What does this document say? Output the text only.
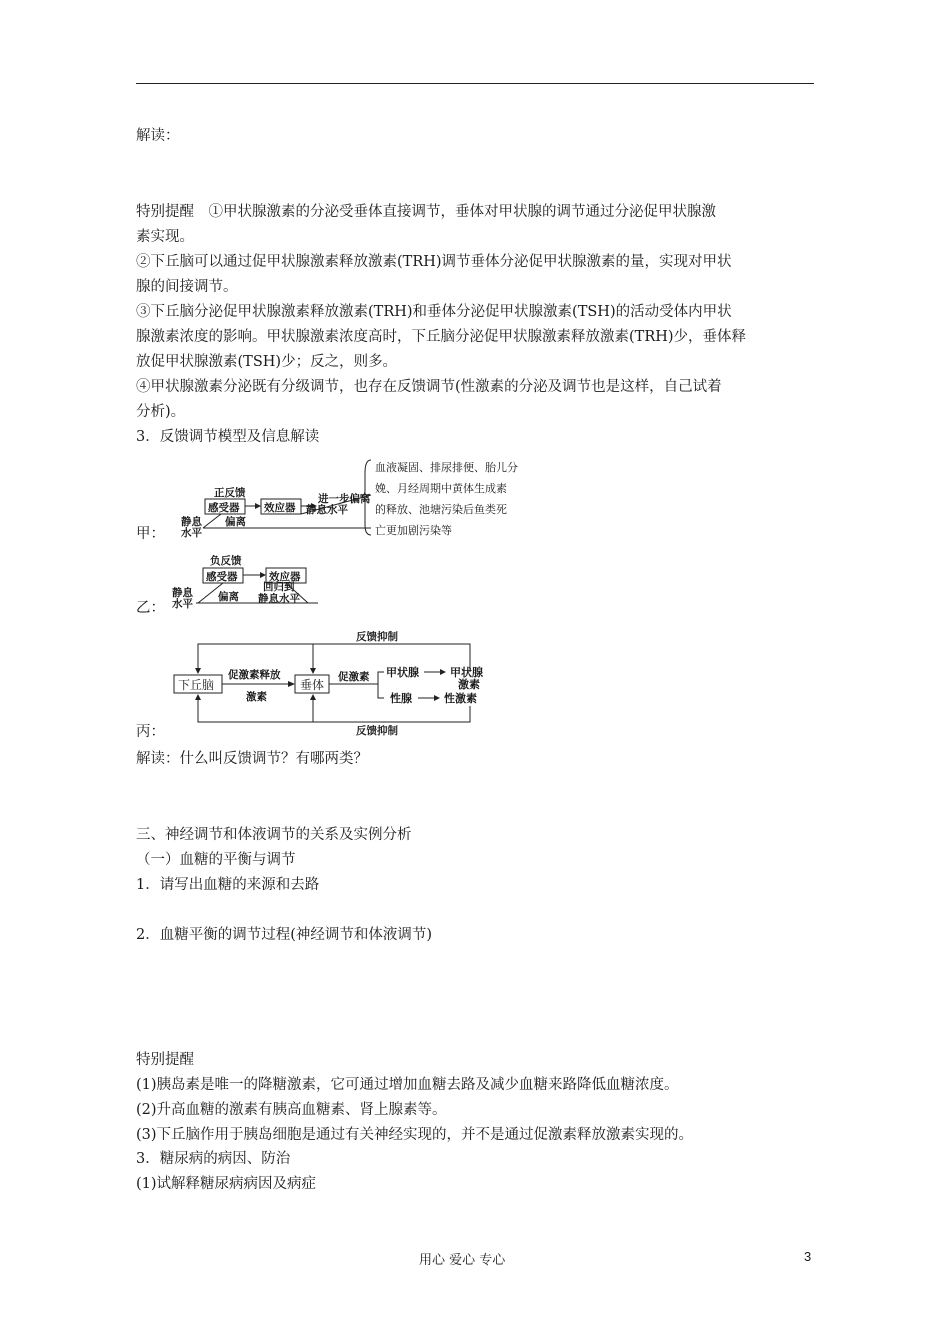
解读：
特别提醒　①甲状腺激素的分泌受垂体直接调节，垂体对甲状腺的调节通过分泌促甲状腺激
素实现。
②下丘脑可以通过促甲状腺激素释放激素(TRH)调节垂体分泌促甲状腺激素的量，实现对甲状
腺的间接调节。
③下丘脑分泌促甲状腺激素释放激素(TRH)和垂体分泌促甲状腺激素(TSH)的活动受体内甲状
腺激素浓度的影响。甲状腺激素浓度高时，下丘脑分泌促甲状腺激素释放激素(TRH)少，垂体释
放促甲状腺激素(TSH)少；反之，则多。
④甲状腺激素分泌既有分级调节，也存在反馈调节(性激素的分泌及调节也是这样，自己试着
分析)。
3．反馈调节模型及信息解读
甲：
正反馈
感受器 效应器
进一步偏离
静息水平
偏离
静息
水平
血液凝固、排尿排便、胎儿分
娩、月经周期中黄体生成素
的释放、池塘污染后鱼类死
亡更加剧污染等
乙：
负反馈
感受器	效应器
偏离
回归到
静息水平
静息
水平
丙：
反馈抑制
下丘脑
促激素释放
激素
垂体
促激素 甲状腺	甲状腺
激素
性腺	性激素
反馈抑制
解读：什么叫反馈调节？有哪两类？
三、神经调节和体液调节的关系及实例分析
（一）血糖的平衡与调节
1．请写出血糖的来源和去路
2．血糖平衡的调节过程(神经调节和体液调节)
特别提醒
(1)胰岛素是唯一的降糖激素，它可通过增加血糖去路及减少血糖来路降低血糖浓度。
(2)升高血糖的激素有胰高血糖素、肾上腺素等。
(3)下丘脑作用于胰岛细胞是通过有关神经实现的，并不是通过促激素释放激素实现的。
3．糖尿病的病因、防治
(1)试解释糖尿病病因及病症
用心 爱心 专心	3
